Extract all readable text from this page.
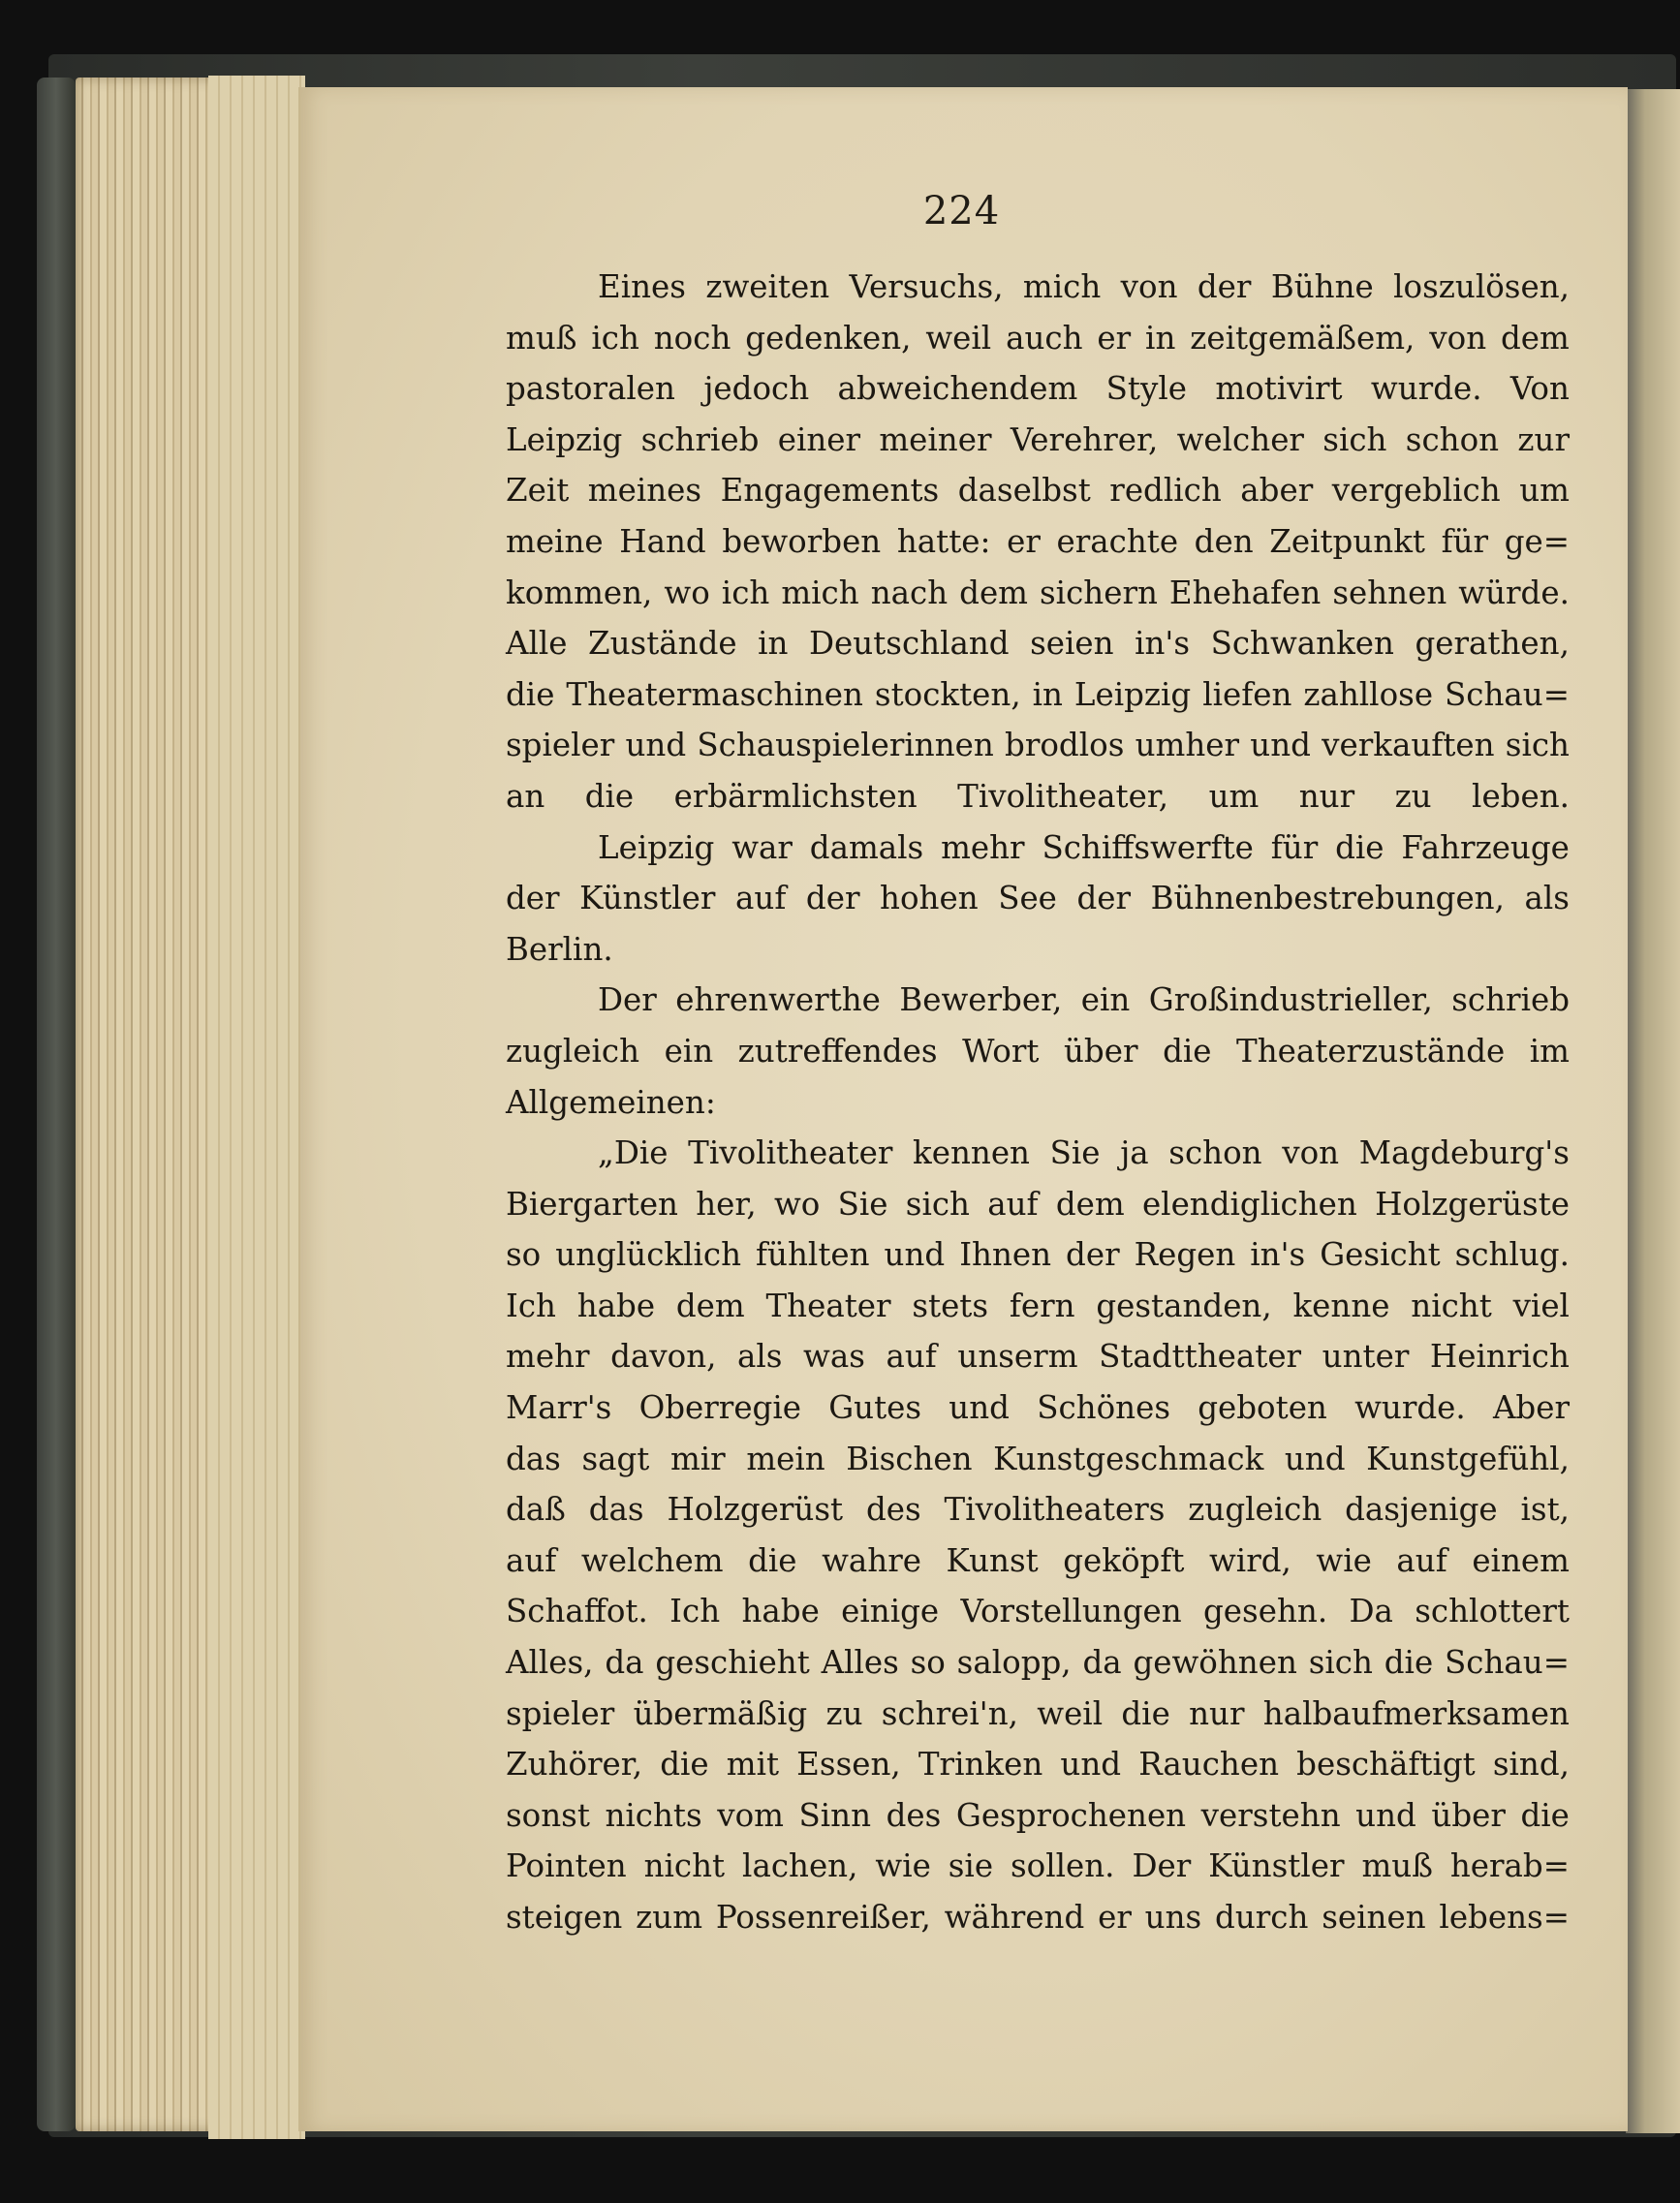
224
Eines zweiten Versuchs, mich von der Bühne loszulösen,
muß ich noch gedenken, weil auch er in zeitgemäßem, von dem
pastoralen jedoch abweichendem Style motivirt wurde. Von
Leipzig schrieb einer meiner Verehrer, welcher sich schon zur
Zeit meines Engagements daselbst redlich aber vergeblich um
meine Hand beworben hatte: er erachte den Zeitpunkt für ge=
kommen, wo ich mich nach dem sichern Ehehafen sehnen würde.
Alle Zustände in Deutschland seien in's Schwanken gerathen,
die Theatermaschinen stockten, in Leipzig liefen zahllose Schau=
spieler und Schauspielerinnen brodlos umher und verkauften sich
an die erbärmlichsten Tivolitheater, um nur zu leben.
Leipzig war damals mehr Schiffswerfte für die Fahrzeuge
der Künstler auf der hohen See der Bühnenbestrebungen, als
Berlin.
Der ehrenwerthe Bewerber, ein Großindustrieller, schrieb
zugleich ein zutreffendes Wort über die Theaterzustände im
Allgemeinen:
„Die Tivolitheater kennen Sie ja schon von Magdeburg's
Biergarten her, wo Sie sich auf dem elendiglichen Holzgerüste
so unglücklich fühlten und Ihnen der Regen in's Gesicht schlug.
Ich habe dem Theater stets fern gestanden, kenne nicht viel
mehr davon, als was auf unserm Stadttheater unter Heinrich
Marr's Oberregie Gutes und Schönes geboten wurde. Aber
das sagt mir mein Bischen Kunstgeschmack und Kunstgefühl,
daß das Holzgerüst des Tivolitheaters zugleich dasjenige ist,
auf welchem die wahre Kunst geköpft wird, wie auf einem
Schaffot. Ich habe einige Vorstellungen gesehn. Da schlottert
Alles, da geschieht Alles so salopp, da gewöhnen sich die Schau=
spieler übermäßig zu schrei'n, weil die nur halbaufmerksamen
Zuhörer, die mit Essen, Trinken und Rauchen beschäftigt sind,
sonst nichts vom Sinn des Gesprochenen verstehn und über die
Pointen nicht lachen, wie sie sollen. Der Künstler muß herab=
steigen zum Possenreißer, während er uns durch seinen lebens=
